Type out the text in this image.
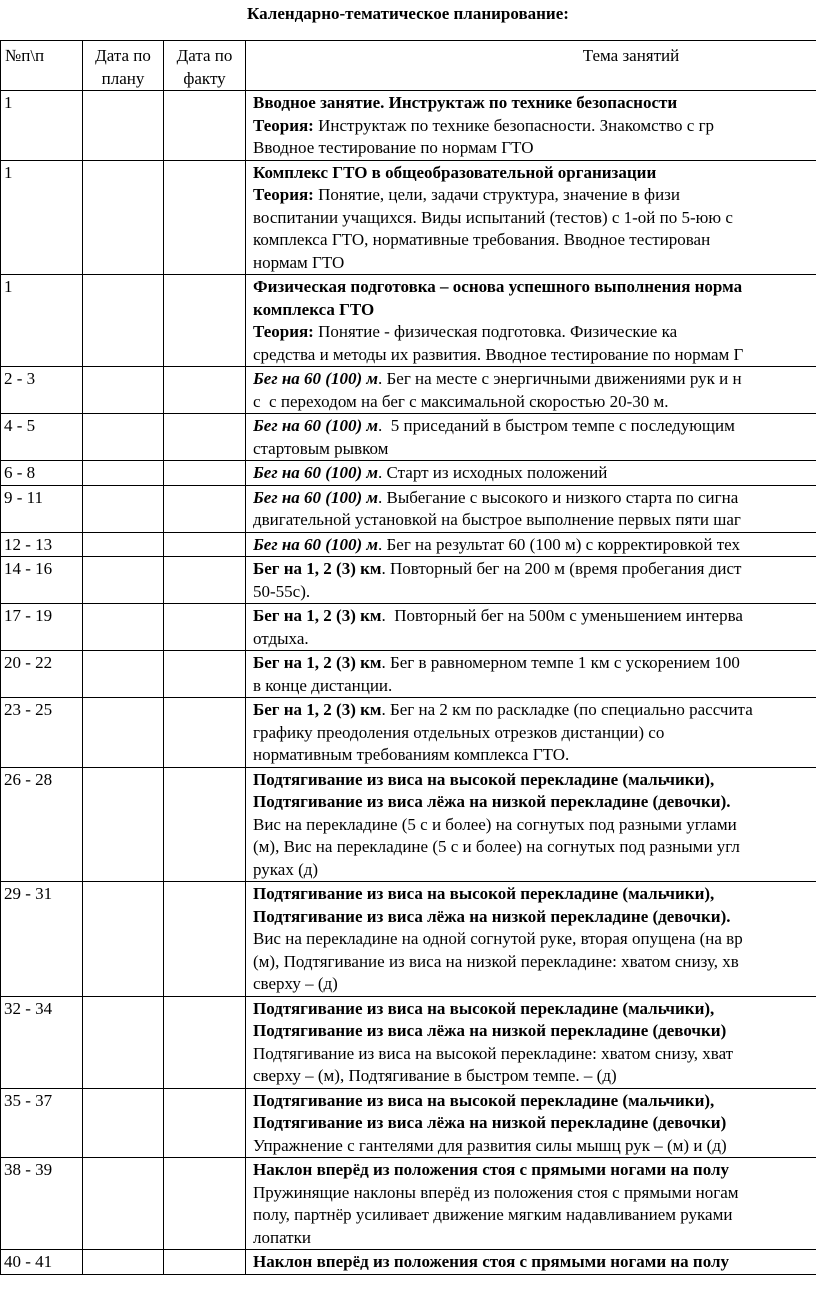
Календарно-тематическое планирование:
№п\п	Дата по плану	Дата по факту	Тема занятий
1			Вводное занятие. Инструктаж по технике безопасности
Теория: Инструктаж по технике безопасности. Знакомство с гр
Вводное тестирование по нормам ГТО

1			Комплекс ГТО в общеобразовательной организации
Теория: Понятие, цели, задачи структура, значение в физи
воспитании учащихся. Виды испытаний (тестов) с 1-ой по 5-юю с
комплекса ГТО, нормативные требования. Вводное тестирован
нормам ГТО

1			Физическая подготовка – основа успешного выполнения норма
комплекса ГТО
Теория: Понятие - физическая подготовка. Физические ка
средства и методы их развития. Вводное тестирование по нормам Г

2 - 3			Бег на 60 (100) м. Бег на месте с энергичными движениями рук и н
с  с переходом на бег с максимальной скоростью 20-30 м.

4 - 5			Бег на 60 (100) м.  5 приседаний в быстром темпе с последующим
стартовым рывком

6 - 8			Бег на 60 (100) м. Старт из исходных положений

9 - 11			Бег на 60 (100) м. Выбегание с высокого и низкого старта по сигна
двигательной установкой на быстрое выполнение первых пяти шаг

12 - 13			Бег на 60 (100) м. Бег на результат 60 (100 м) с корректировкой тех

14 - 16			Бег на 1, 2 (3) км. Повторный бег на 200 м (время пробегания дист
50-55с).

17 - 19			Бег на 1, 2 (3) км.  Повторный бег на 500м с уменьшением интерва
отдыха.

20 - 22			Бег на 1, 2 (3) км. Бег в равномерном темпе 1 км с ускорением 100
в конце дистанции.

23 - 25			Бег на 1, 2 (3) км. Бег на 2 км по раскладке (по специально рассчита
графику преодоления отдельных отрезков дистанции) со
нормативным требованиям комплекса ГТО.

26 - 28			Подтягивание из виса на высокой перекладине (мальчики),
Подтягивание из виса лёжа на низкой перекладине (девочки).
Вис на перекладине (5 с и более) на согнутых под разными углами
(м), Вис на перекладине (5 с и более) на согнутых под разными угл
руках (д)

29 - 31			Подтягивание из виса на высокой перекладине (мальчики),
Подтягивание из виса лёжа на низкой перекладине (девочки).
Вис на перекладине на одной согнутой руке, вторая опущена (на вр
(м), Подтягивание из виса на низкой перекладине: хватом снизу, хв
сверху – (д)

32 - 34			Подтягивание из виса на высокой перекладине (мальчики),
Подтягивание из виса лёжа на низкой перекладине (девочки)
Подтягивание из виса на высокой перекладине: хватом снизу, хват
сверху – (м), Подтягивание в быстром темпе. – (д)

35 - 37			Подтягивание из виса на высокой перекладине (мальчики),
Подтягивание из виса лёжа на низкой перекладине (девочки)
Упражнение с гантелями для развития силы мышц рук – (м) и (д)

38 - 39			Наклон вперёд из положения стоя с прямыми ногами на полу
Пружинящие наклоны вперёд из положения стоя с прямыми ногам
полу, партнёр усиливает движение мягким надавливанием руками
лопатки

40 - 41			Наклон вперёд из положения стоя с прямыми ногами на полу
